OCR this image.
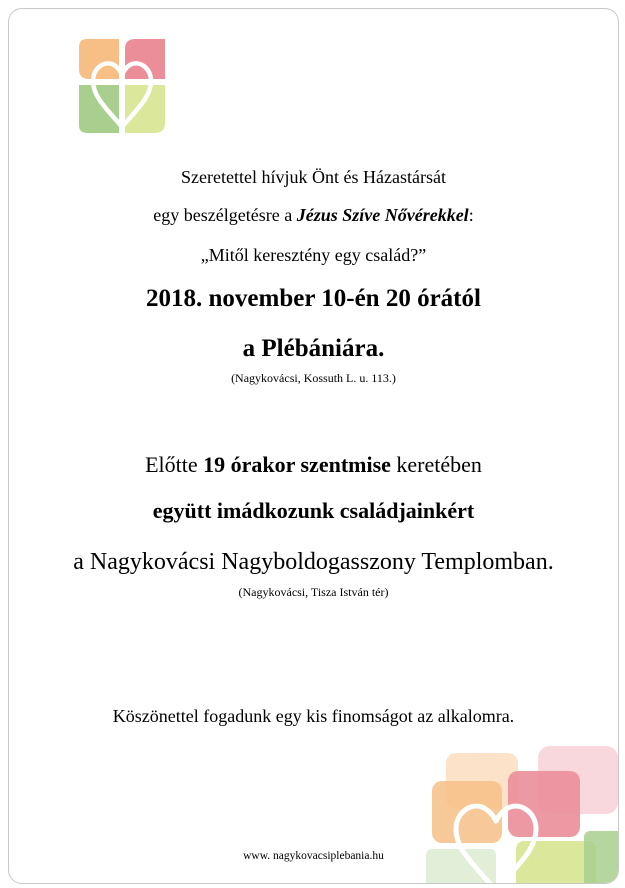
Szeretettel hívjuk Önt és Házastársát
egy beszélgetésre a Jézus Szíve Nővérekkel:
„Mitől keresztény egy család?”
2018. november 10-én 20 órától
a Plébániára.
(Nagykovácsi, Kossuth L. u. 113.)
Előtte 19 órakor szentmise keretében
együtt imádkozunk családjainkért
a Nagykovácsi Nagyboldogasszony Templomban.
(Nagykovácsi, Tisza István tér)
Köszönettel fogadunk egy kis finomságot az alkalomra.
www. nagykovacsiplebania.hu
